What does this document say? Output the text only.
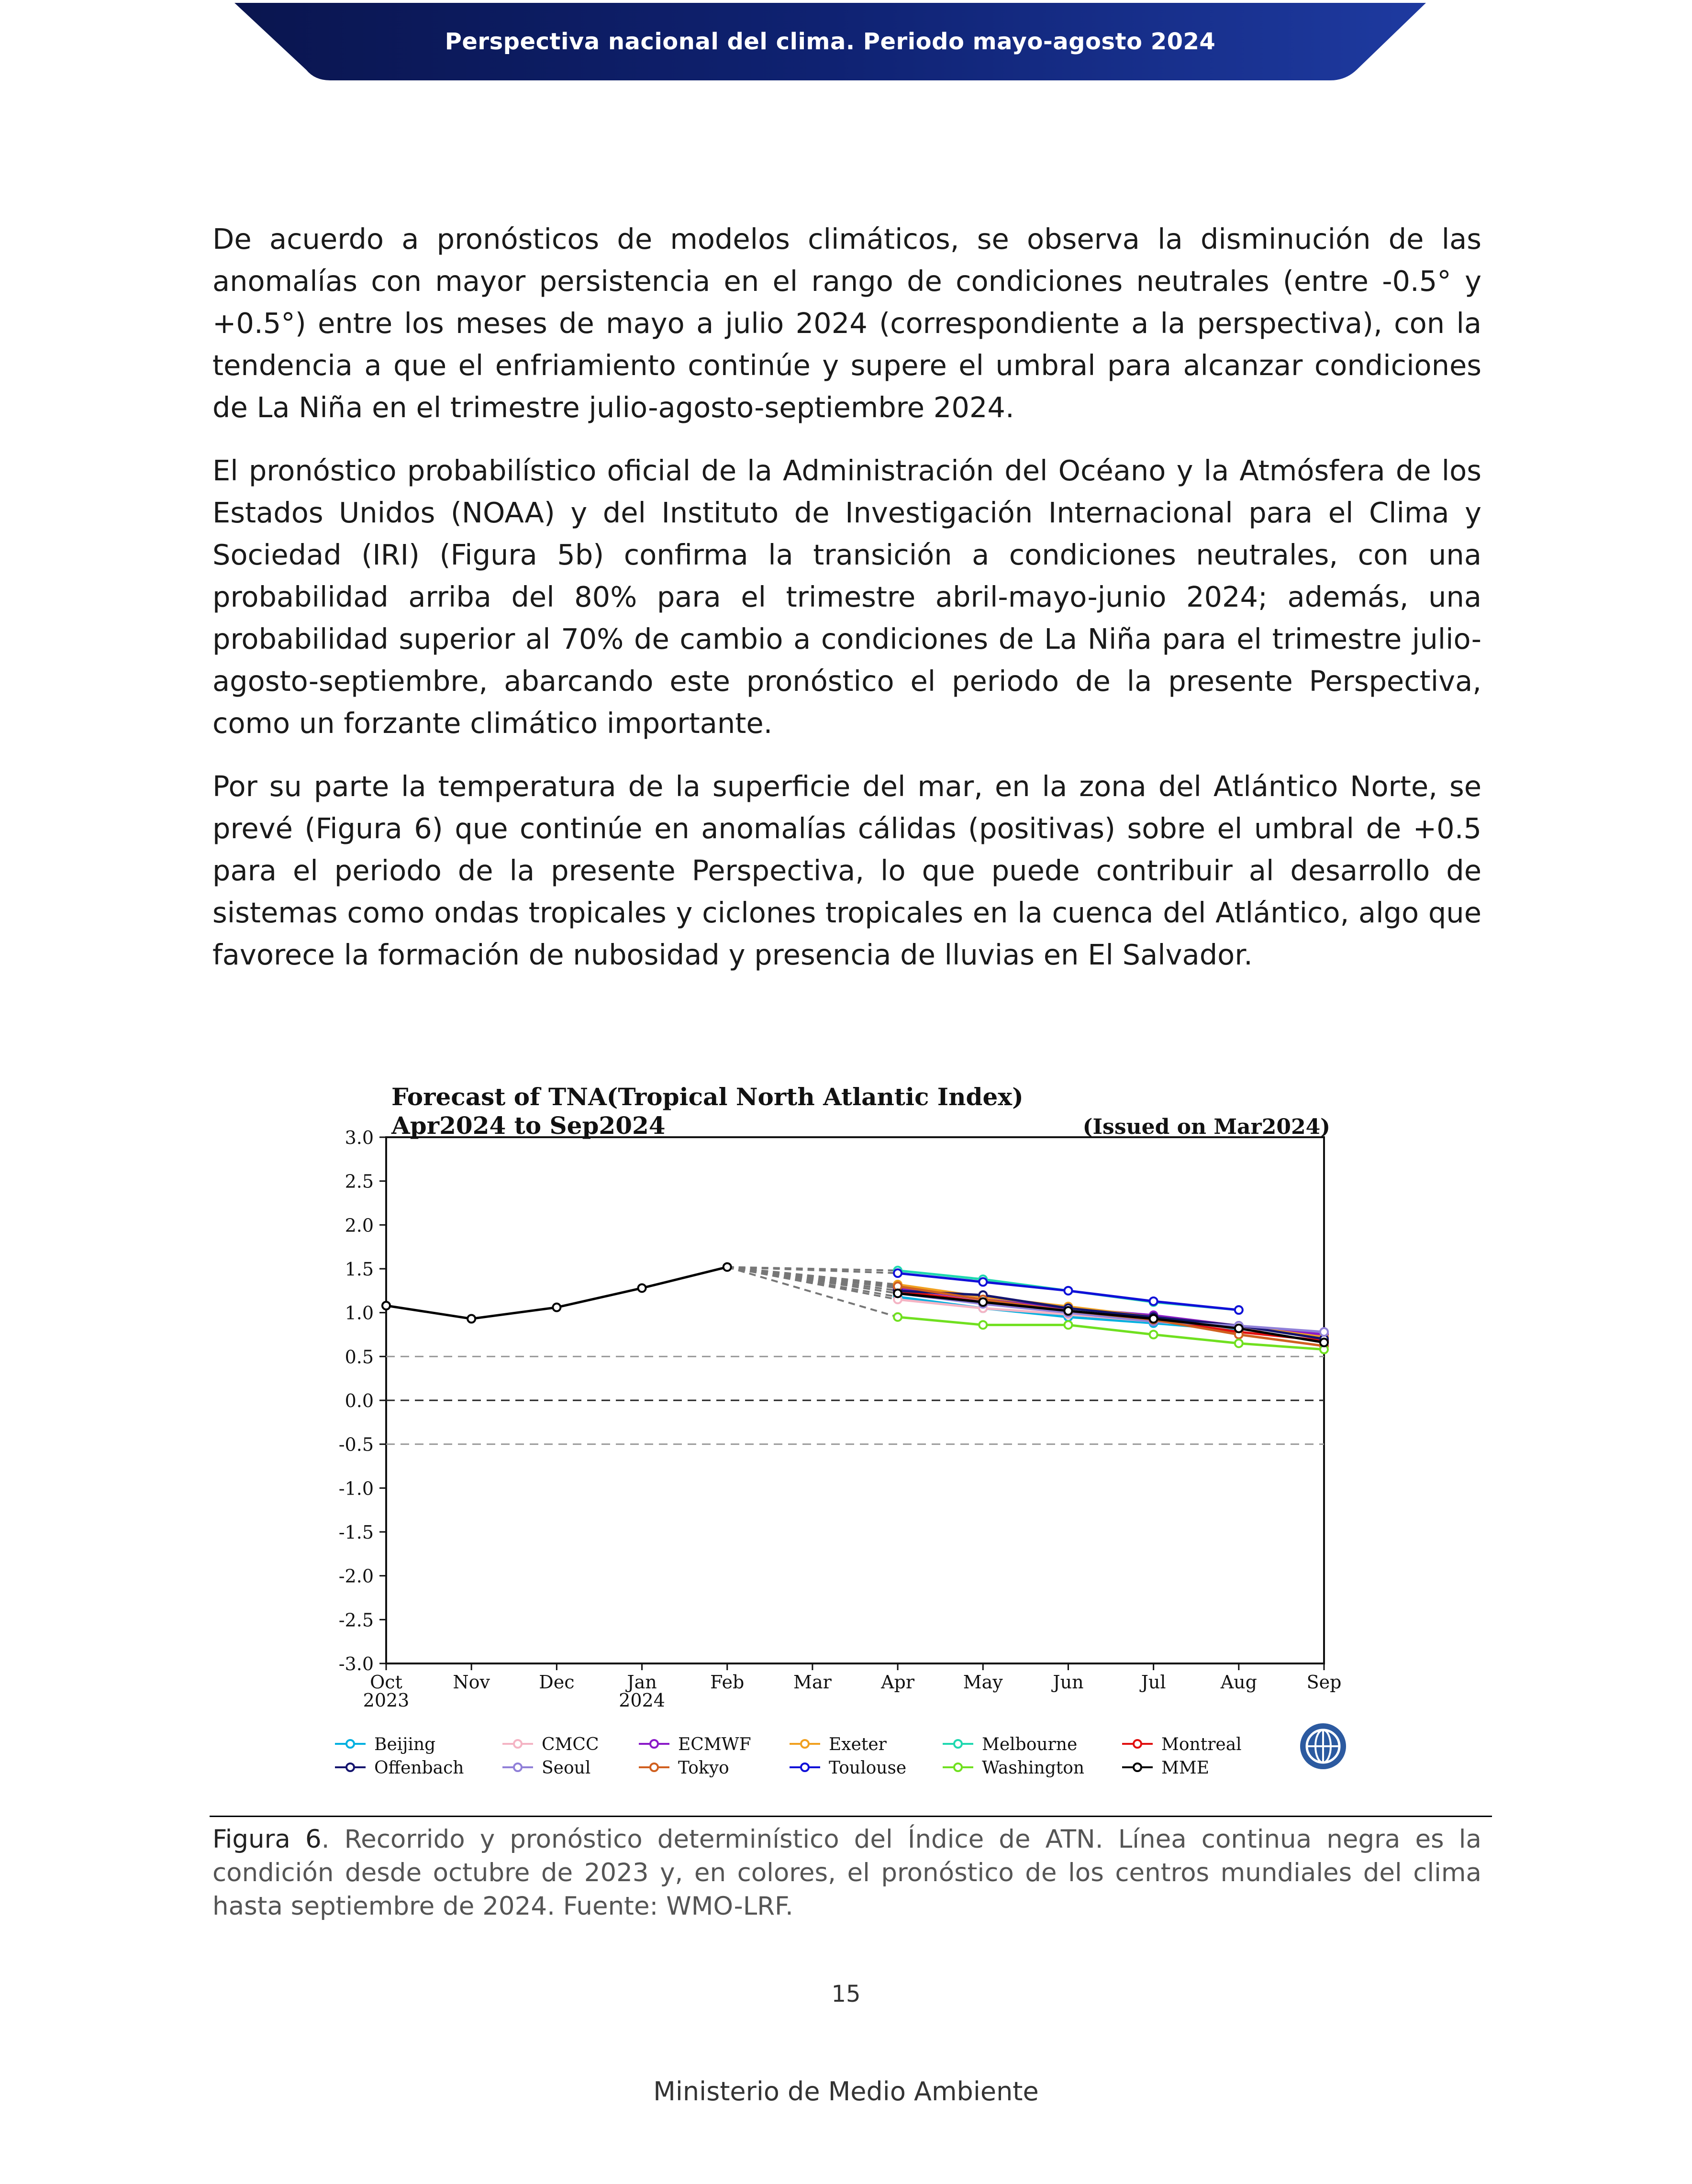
Perspectiva nacional del clima. Periodo mayo-agosto 2024

De acuerdo a pronósticos de modelos climáticos, se observa la disminución de las anomalías con mayor persistencia en el rango de condiciones neutrales (entre -0.5° y +0.5°) entre los meses de mayo a julio 2024 (correspondiente a la perspectiva), con la tendencia a que el enfriamiento continúe y supere el umbral para alcanzar condiciones de La Niña en el trimestre julio-agosto-septiembre 2024.

El pronóstico probabilístico oficial de la Administración del Océano y la Atmósfera de los Estados Unidos (NOAA) y del Instituto de Investigación Internacional para el Clima y Sociedad (IRI) (Figura 5b) confirma la transición a condiciones neutrales, con una probabilidad arriba del 80% para el trimestre abril-mayo-junio 2024; además, una probabilidad superior al 70% de cambio a condiciones de La Niña para el trimestre julio-agosto-septiembre, abarcando este pronóstico el periodo de la presente Perspectiva, como un forzante climático importante.

Por su parte la temperatura de la superficie del mar, en la zona del Atlántico Norte, se prevé (Figura 6) que continúe en anomalías cálidas (positivas) sobre el umbral de +0.5 para el periodo de la presente Perspectiva, lo que puede contribuir al desarrollo de sistemas como ondas tropicales y ciclones tropicales en la cuenca del Atlántico, algo que favorece la formación de nubosidad y presencia de lluvias en El Salvador.

Forecast of TNA(Tropical North Atlantic Index)
Apr2024 to Sep2024	(Issued on Mar2024)
Oct
2023
Nov	Dec	Jan
2024
Feb	Mar	Apr	May	Jun	Jul	Aug	Sep
3.0
2.5
2.0
1.5
1.0
0.5
0.0
-0.5
-1.0
-1.5
-2.0
-2.5
-3.0
Beijing	CMCC	ECMWF	Exeter	Melbourne	Montreal
Offenbach	Seoul	Tokyo	Toulouse	Washington	MME
Figura 6. Recorrido y pronóstico determinístico del Índice de ATN. Línea continua negra es la condición desde octubre de 2023 y, en colores, el pronóstico de los centros mundiales del clima hasta septiembre de 2024. Fuente: WMO-LRF.
15
Ministerio de Medio Ambiente
